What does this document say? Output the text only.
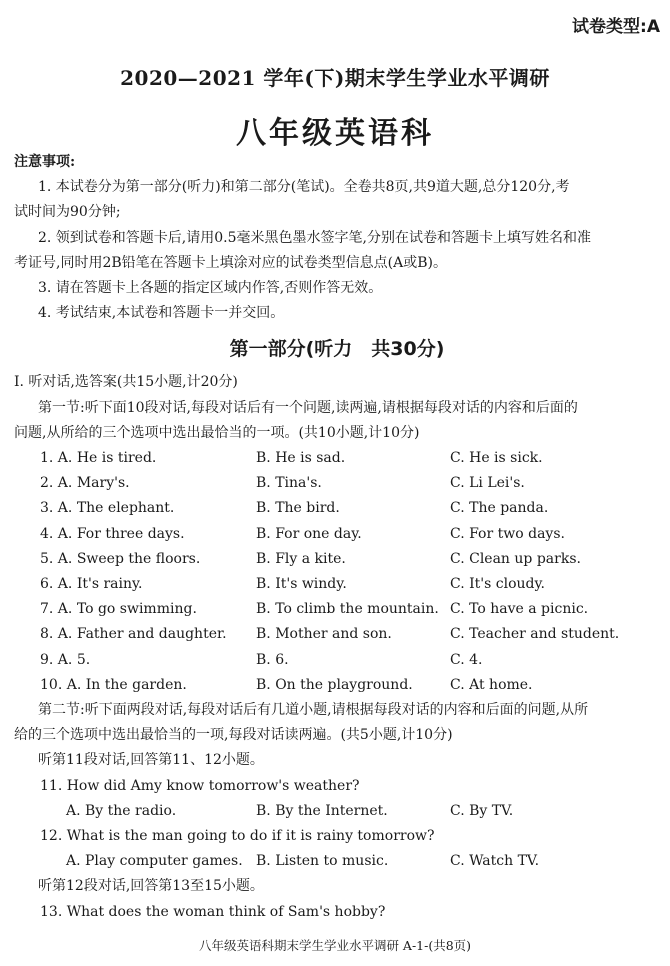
试卷类型:A
2020—2021 学年(下)期末学生学业水平调研
八年级英语科
注意事项:
1. 本试卷分为第一部分(听力)和第二部分(笔试)。全卷共8页,共9道大题,总分120分,考
试时间为90分钟;
2. 领到试卷和答题卡后,请用0.5毫米黑色墨水签字笔,分别在试卷和答题卡上填写姓名和准
考证号,同时用2B铅笔在答题卡上填涂对应的试卷类型信息点(A或B)。
3. 请在答题卡上各题的指定区域内作答,否则作答无效。
4. 考试结束,本试卷和答题卡一并交回。
第一部分(听力　共30分)
Ⅰ. 听对话,选答案(共15小题,计20分)
第一节:听下面10段对话,每段对话后有一个问题,读两遍,请根据每段对话的内容和后面的
问题,从所给的三个选项中选出最恰当的一项。(共10小题,计10分)
1. A. He is tired.	B. He is sad.	C. He is sick.
2. A. Mary's.	B. Tina's.	C. Li Lei's.
3. A. The elephant.	B. The bird.	C. The panda.
4. A. For three days.	B. For one day.	C. For two days.
5. A. Sweep the floors.	B. Fly a kite.	C. Clean up parks.
6. A. It's rainy.	B. It's windy.	C. It's cloudy.
7. A. To go swimming.	B. To climb the mountain. C. To have a picnic.
8. A. Father and daughter.	B. Mother and son.	C. Teacher and student.
9. A. 5.	B. 6.	C. 4.
10. A. In the garden.	B. On the playground.	C. At home.
第二节:听下面两段对话,每段对话后有几道小题,请根据每段对话的内容和后面的问题,从所
给的三个选项中选出最恰当的一项,每段对话读两遍。(共5小题,计10分)
听第11段对话,回答第11、12小题。
11. How did Amy know tomorrow's weather?
A. By the radio.	B. By the Internet.	C. By TV.
12. What is the man going to do if it is rainy tomorrow?
A. Play computer games. B. Listen to music.	C. Watch TV.
听第12段对话,回答第13至15小题。
13. What does the woman think of Sam's hobby?
八年级英语科期末学生学业水平调研 A-1-(共8页)
